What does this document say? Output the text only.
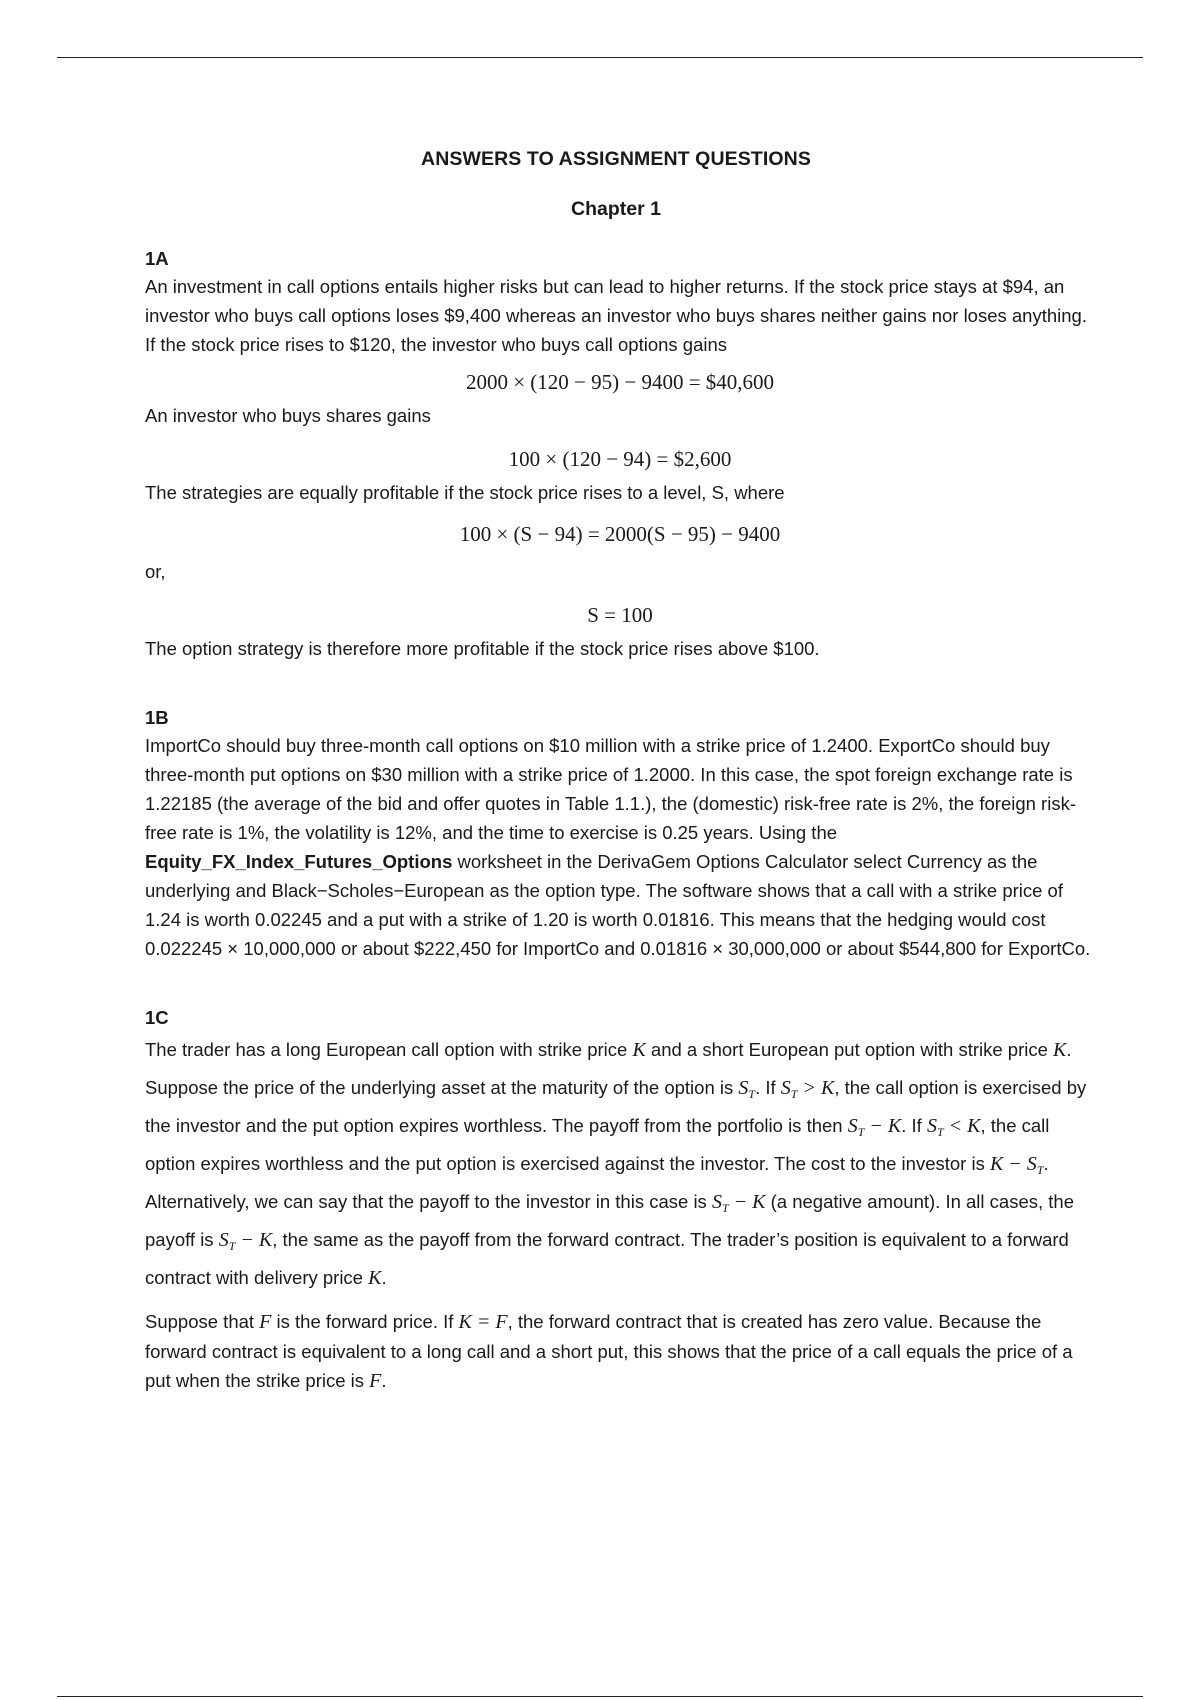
ANSWERS TO ASSIGNMENT QUESTIONS
Chapter 1

1A

An investment in call options entails higher risks but can lead to higher returns. If the stock price stays at $94, an investor who buys call options loses $9,400 whereas an investor who buys shares neither gains nor loses anything. If the stock price rises to $120, the investor who buys call options gains

2000 × (120 − 95) − 9400 = $40,600

An investor who buys shares gains

100 × (120 − 94) = $2,600

The strategies are equally profitable if the stock price rises to a level, S, where

100 × (S − 94) = 2000(S − 95) − 9400

or,

S = 100

The option strategy is therefore more profitable if the stock price rises above $100.

1B

ImportCo should buy three-month call options on $10 million with a strike price of 1.2400. ExportCo should buy three-month put options on $30 million with a strike price of 1.2000. In this case, the spot foreign exchange rate is 1.22185 (the average of the bid and offer quotes in Table 1.1.), the (domestic) risk-free rate is 2%, the foreign risk-free rate is 1%, the volatility is 12%, and the time to exercise is 0.25 years. Using the Equity_FX_Index_Futures_Options worksheet in the DerivaGem Options Calculator select Currency as the underlying and Black−Scholes−European as the option type. The software shows that a call with a strike price of 1.24 is worth 0.02245 and a put with a strike of 1.20 is worth 0.01816. This means that the hedging would cost 0.022245 × 10,000,000 or about $222,450 for ImportCo and 0.01816 × 30,000,000 or about $544,800 for ExportCo.

1C

The trader has a long European call option with strike price K and a short European put option with strike price K. Suppose the price of the underlying asset at the maturity of the option is $S_T$. If $S_T > K$, the call option is exercised by the investor and the put option expires worthless. The payoff from the portfolio is then $S_T - K$. If $S_T < K$, the call option expires worthless and the put option is exercised against the investor. The cost to the investor is $K - S_T$. Alternatively, we can say that the payoff to the investor in this case is $S_T - K$ (a negative amount). In all cases, the payoff is $S_T - K$, the same as the payoff from the forward contract. The trader’s position is equivalent to a forward contract with delivery price K.

Suppose that F is the forward price. If K = F, the forward contract that is created has zero value. Because the forward contract is equivalent to a long call and a short put, this shows that the price of a call equals the price of a put when the strike price is F.
